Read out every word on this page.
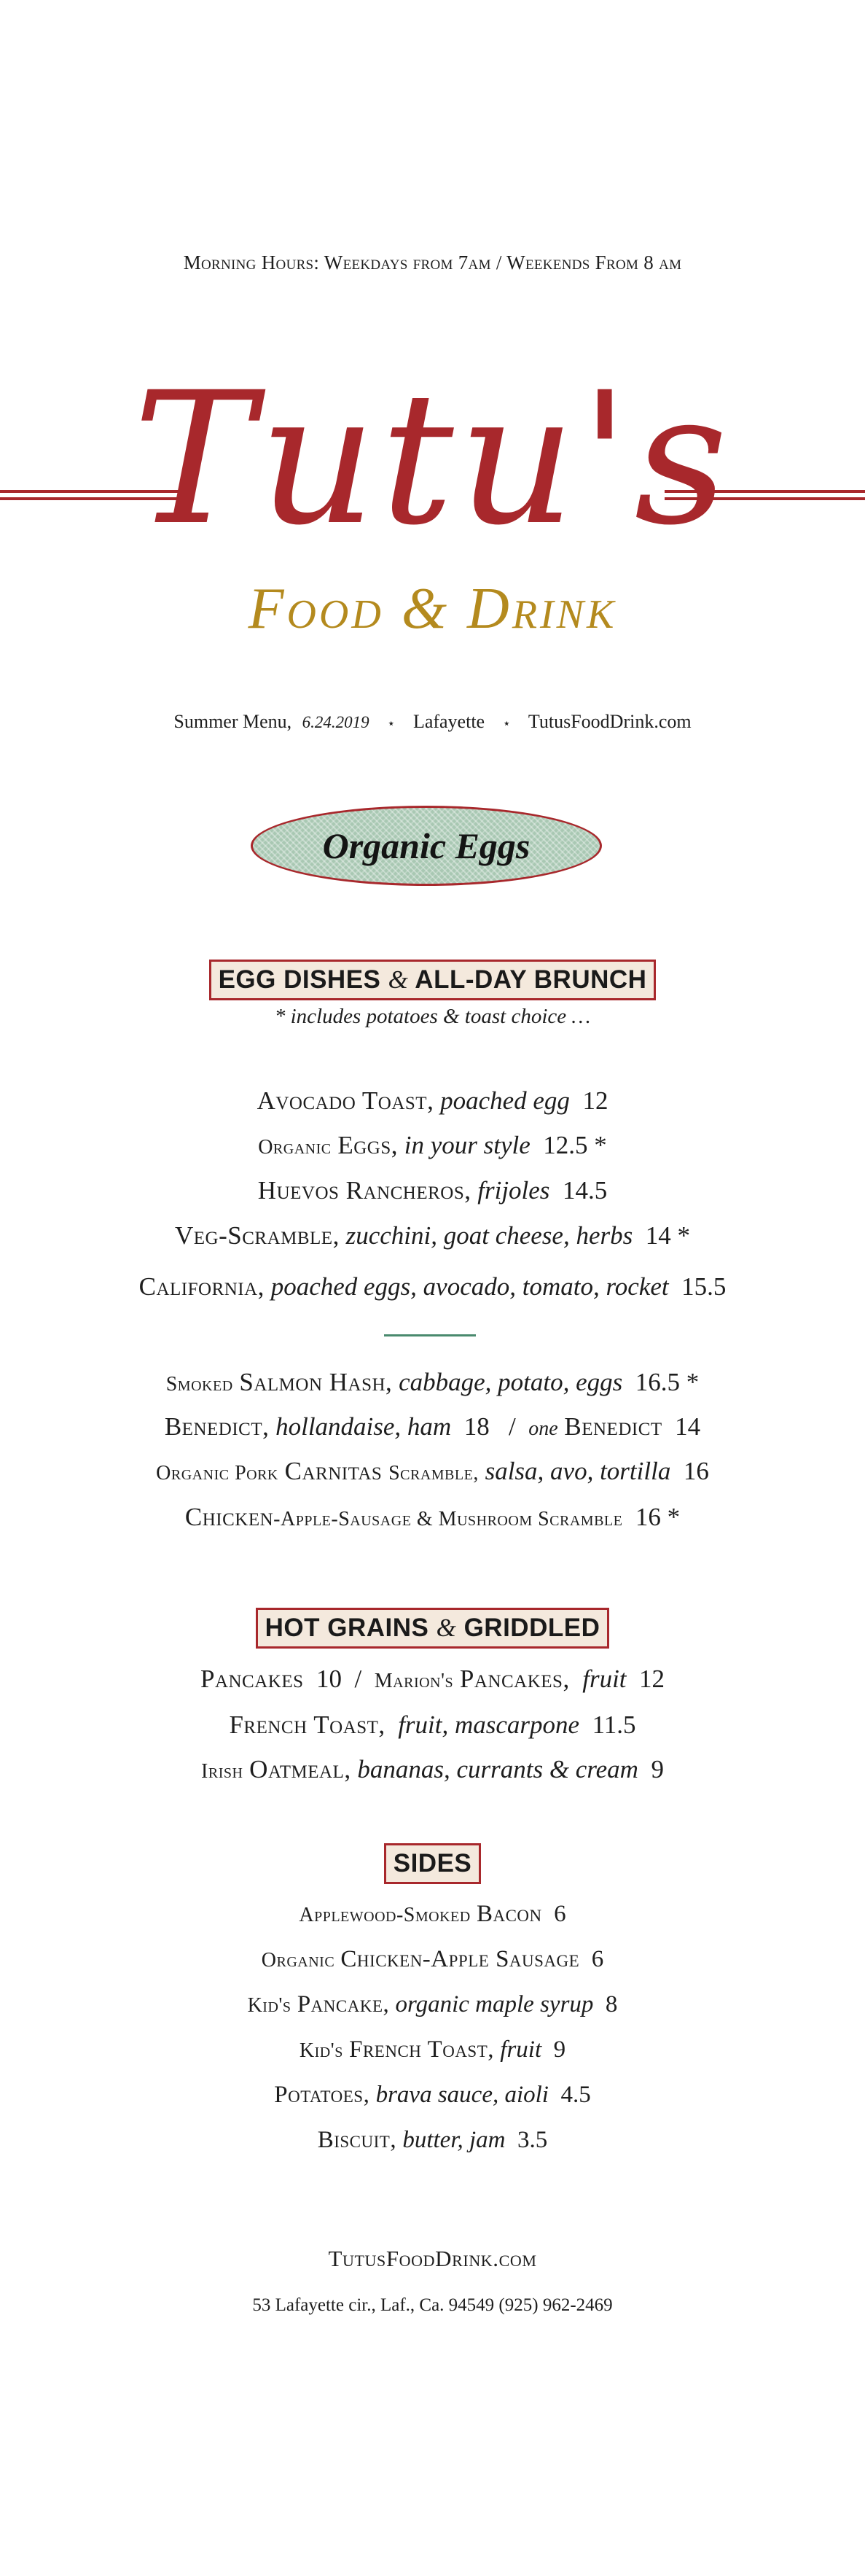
Morning Hours: Weekdays from 7am / Weekends From 8 am
Tutu's
Food & Drink
Summer Menu, 6.24.2019 ⋆ Lafayette ⋆ TutusFoodDrink.com
Organic Eggs
EGG DISHES & ALL-DAY BRUNCH
* includes potatoes & toast choice …
Avocado Toast, poached egg 12
Organic Eggs, in your style 12.5 *
Huevos Rancheros, frijoles 14.5
Veg-Scramble, zucchini, goat cheese, herbs 14 *
California, poached eggs, avocado, tomato, rocket 15.5
Smoked Salmon Hash, cabbage, potato, eggs 16.5 *
Benedict, hollandaise, ham 18 / one Benedict 14
Organic Pork Carnitas Scramble, salsa, avo, tortilla 16
Chicken-Apple-Sausage & Mushroom Scramble 16 *
HOT GRAINS & GRIDDLED
Pancakes 10 / Marion's Pancakes, fruit 12
French Toast, fruit, mascarpone 11.5
Irish Oatmeal, bananas, currants & cream 9
SIDES
Applewood-Smoked Bacon 6
Organic Chicken-Apple Sausage 6
Kid's Pancake, organic maple syrup 8
Kid's French Toast, fruit 9
Potatoes, brava sauce, aioli 4.5
Biscuit, butter, jam 3.5
TutusFoodDrink.com
53 Lafayette cir., Laf., Ca. 94549 (925) 962-2469
